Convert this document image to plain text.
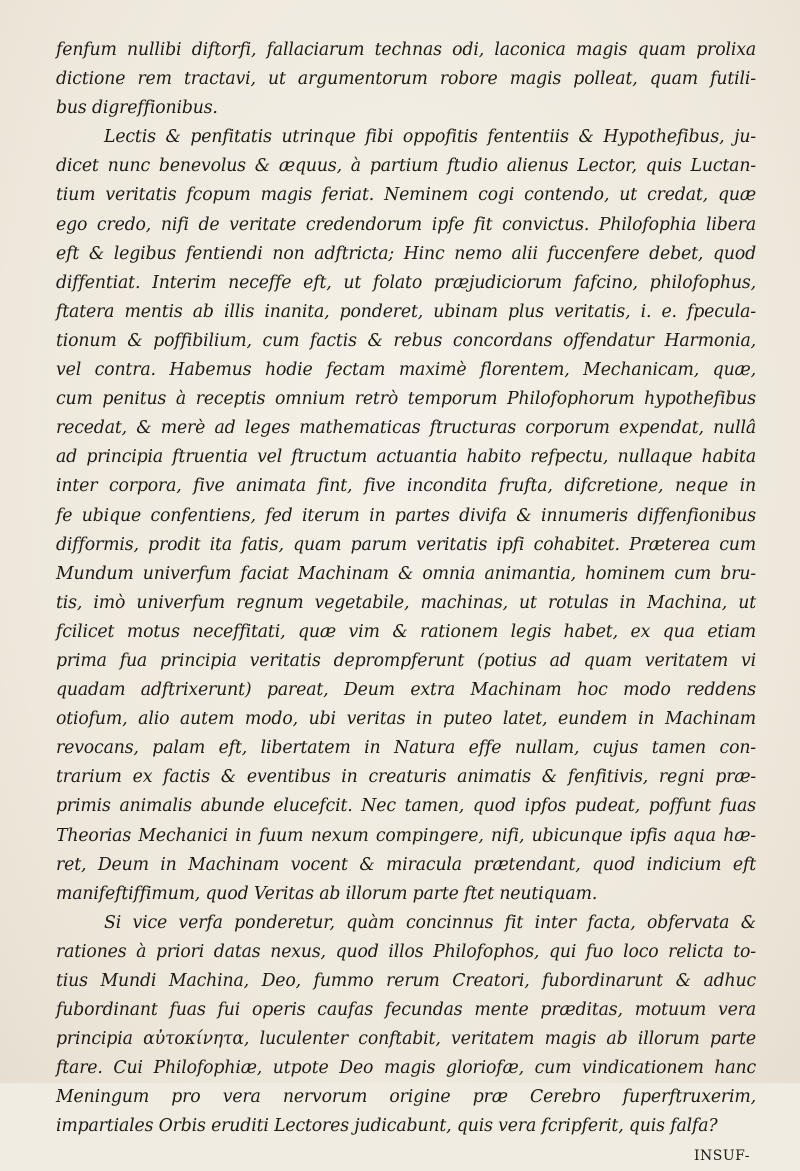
fenfum nullibi diftorfi, fallaciarum technas odi, laconica magis quam prolixa
dictione rem tractavi, ut argumentorum robore magis polleat, quam futili-
bus digreffionibus.
Lectis & penfitatis utrinque fibi oppofitis fententiis & Hypothefibus, ju-
dicet nunc benevolus & æquus, à partium ftudio alienus Lector, quis Luctan-
tium veritatis fcopum magis feriat. Neminem cogi contendo, ut credat, quæ
ego credo, nifi de veritate credendorum ipfe fit convictus. Philofophia libera
eft & legibus fentiendi non adftricta; Hinc nemo alii fuccenfere debet, quod
diffentiat. Interim neceffe eft, ut folato præjudiciorum fafcino, philofophus,
ftatera mentis ab illis inanita, ponderet, ubinam plus veritatis, i. e. fpecula-
tionum & poffibilium, cum factis & rebus concordans offendatur Harmonia,
vel contra. Habemus hodie fectam maximè florentem, Mechanicam, quæ,
cum penitus à receptis omnium retrò temporum Philofophorum hypothefibus
recedat, & merè ad leges mathematicas ftructuras corporum expendat, nullâ
ad principia ftruentia vel ftructum actuantia habito refpectu, nullaque habita
inter corpora, five animata fint, five incondita frufta, difcretione, neque in
fe ubique confentiens, fed iterum in partes divifa & innumeris diffenfionibus
difformis, prodit ita fatis, quam parum veritatis ipfi cohabitet. Præterea cum
Mundum univerfum faciat Machinam & omnia animantia, hominem cum bru-
tis, imò univerfum regnum vegetabile, machinas, ut rotulas in Machina, ut
fcilicet motus neceffitati, quæ vim & rationem legis habet, ex qua etiam
prima fua principia veritatis deprompferunt (potius ad quam veritatem vi
quadam adftrixerunt) pareat, Deum extra Machinam hoc modo reddens
otiofum, alio autem modo, ubi veritas in puteo latet, eundem in Machinam
revocans, palam eft, libertatem in Natura effe nullam, cujus tamen con-
trarium ex factis & eventibus in creaturis animatis & fenfitivis, regni præ-
primis animalis abunde elucefcit. Nec tamen, quod ipfos pudeat, poffunt fuas
Theorias Mechanici in fuum nexum compingere, nifi, ubicunque ipfis aqua hæ-
ret, Deum in Machinam vocent & miracula prætendant, quod indicium eft
manifeftiffimum, quod Veritas ab illorum parte ftet neutiquam.
Si vice verfa ponderetur, quàm concinnus fit inter facta, obfervata &
rationes à priori datas nexus, quod illos Philofophos, qui fuo loco relicta to-
tius Mundi Machina, Deo, fummo rerum Creatori, fubordinarunt & adhuc
fubordinant fuas fui operis caufas fecundas mente præditas, motuum vera
principia αὐτοκίνητα, luculenter conftabit, veritatem magis ab illorum parte
ftare. Cui Philofophiæ, utpote Deo magis gloriofæ, cum vindicationem hanc
Meningum pro vera nervorum origine præ Cerebro fuperftruxerim,
impartiales Orbis eruditi Lectores judicabunt, quis vera fcripferit, quis falfa?
INSUF-
